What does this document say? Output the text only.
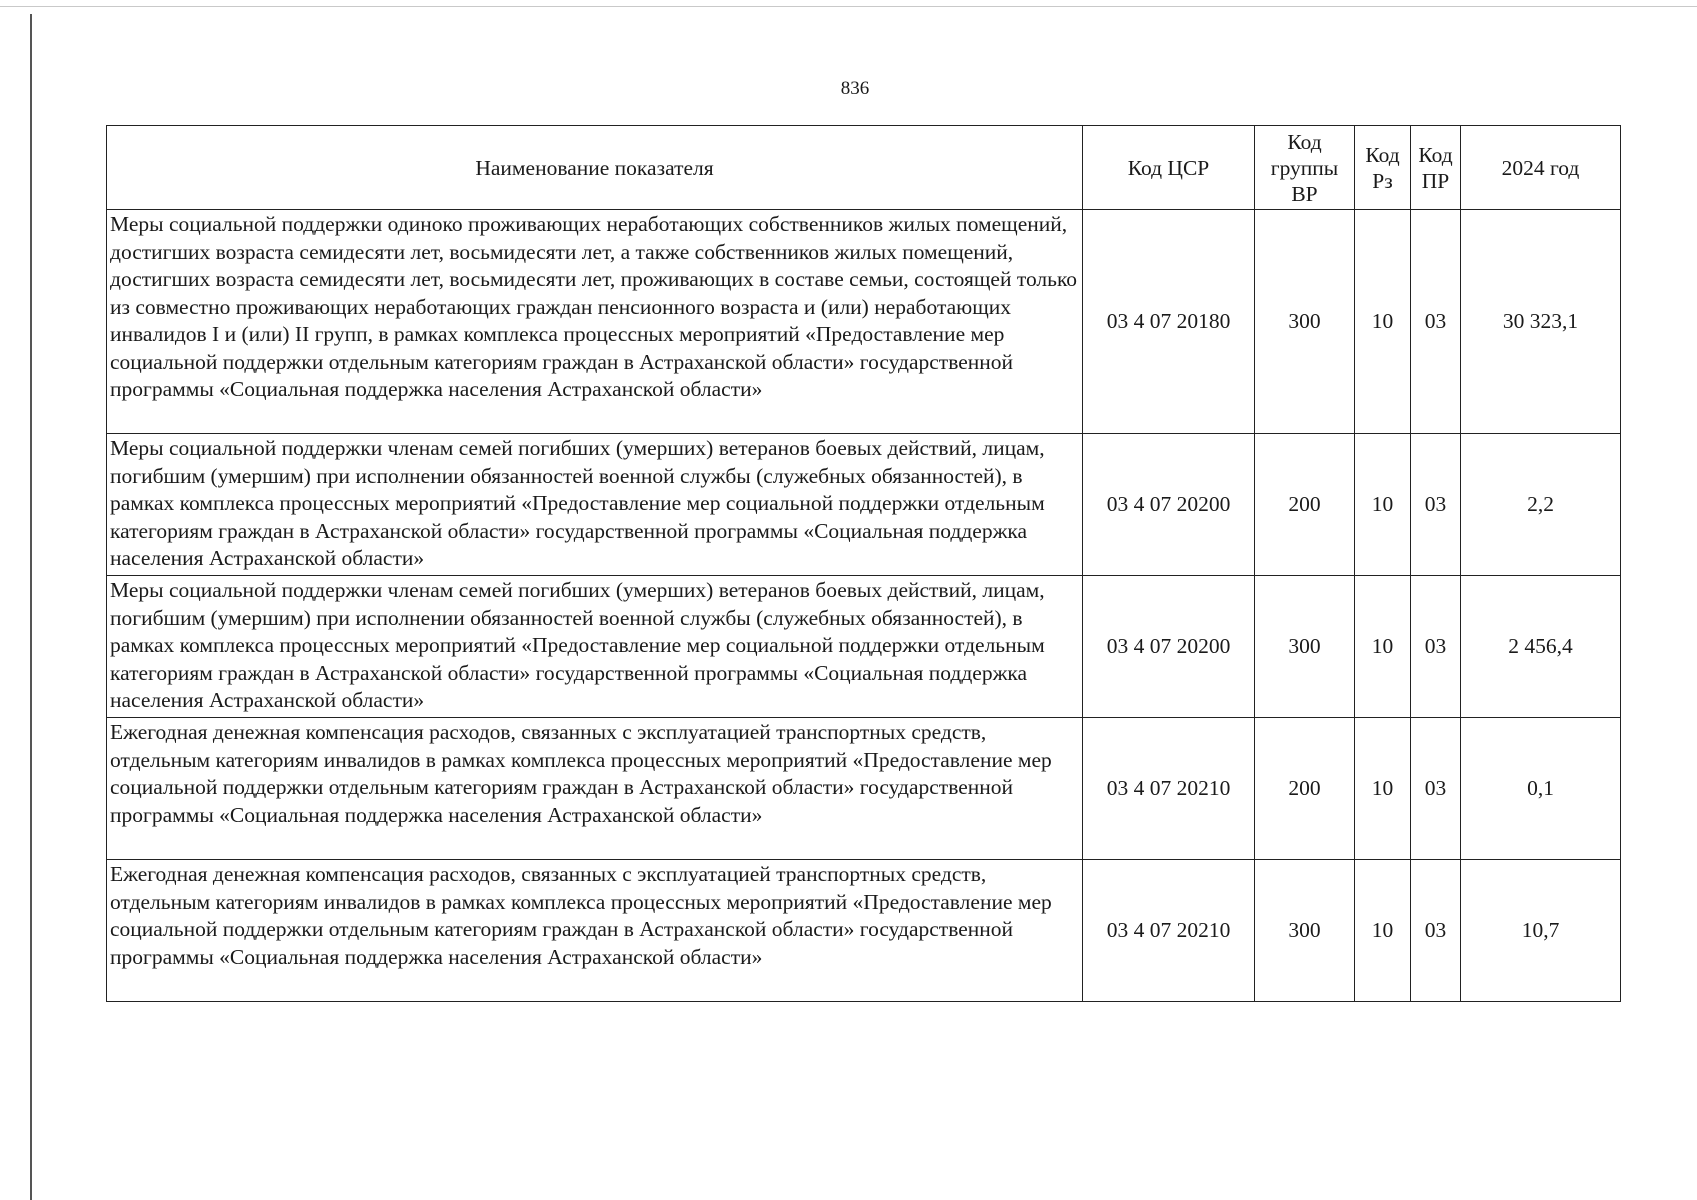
836
Наименование показателя	Код ЦСР	Код группы ВР	Код Рз	Код ПР	2024 год
Меры социальной поддержки одиноко проживающих неработающих собственников жилых помещений, достигших возраста семидесяти лет, восьмидесяти лет, а также собственников жилых помещений, достигших возраста семидесяти лет, восьмидесяти лет, проживающих в составе семьи, состоящей только из совместно проживающих неработающих граждан пенсионного возраста и (или) неработающих инвалидов I и (или) II групп, в рамках комплекса процессных мероприятий «Предоставление мер социальной поддержки отдельным категориям граждан в Астраханской области» государственной программы «Социальная поддержка населения Астраханской области»	03 4 07 20180	300	10	03	30 323,1
Меры социальной поддержки членам семей погибших (умерших) ветеранов боевых действий, лицам, погибшим (умершим) при исполнении обязанностей военной службы (служебных обязанностей), в рамках комплекса процессных мероприятий «Предоставление мер социальной поддержки отдельным категориям граждан в Астраханской области» государственной программы «Социальная поддержка населения Астраханской области»	03 4 07 20200	200	10	03	2,2
Меры социальной поддержки членам семей погибших (умерших) ветеранов боевых действий, лицам, погибшим (умершим) при исполнении обязанностей военной службы (служебных обязанностей), в рамках комплекса процессных мероприятий «Предоставление мер социальной поддержки отдельным категориям граждан в Астраханской области» государственной программы «Социальная поддержка населения Астраханской области»	03 4 07 20200	300	10	03	2 456,4
Ежегодная денежная компенсация расходов, связанных с эксплуатацией транспортных средств, отдельным категориям инвалидов в рамках комплекса процессных мероприятий «Предоставление мер социальной поддержки отдельным категориям граждан в Астраханской области» государственной программы «Социальная поддержка населения Астраханской области»	03 4 07 20210	200	10	03	0,1
Ежегодная денежная компенсация расходов, связанных с эксплуатацией транспортных средств, отдельным категориям инвалидов в рамках комплекса процессных мероприятий «Предоставление мер социальной поддержки отдельным категориям граждан в Астраханской области» государственной программы «Социальная поддержка населения Астраханской области»	03 4 07 20210	300	10	03	10,7
